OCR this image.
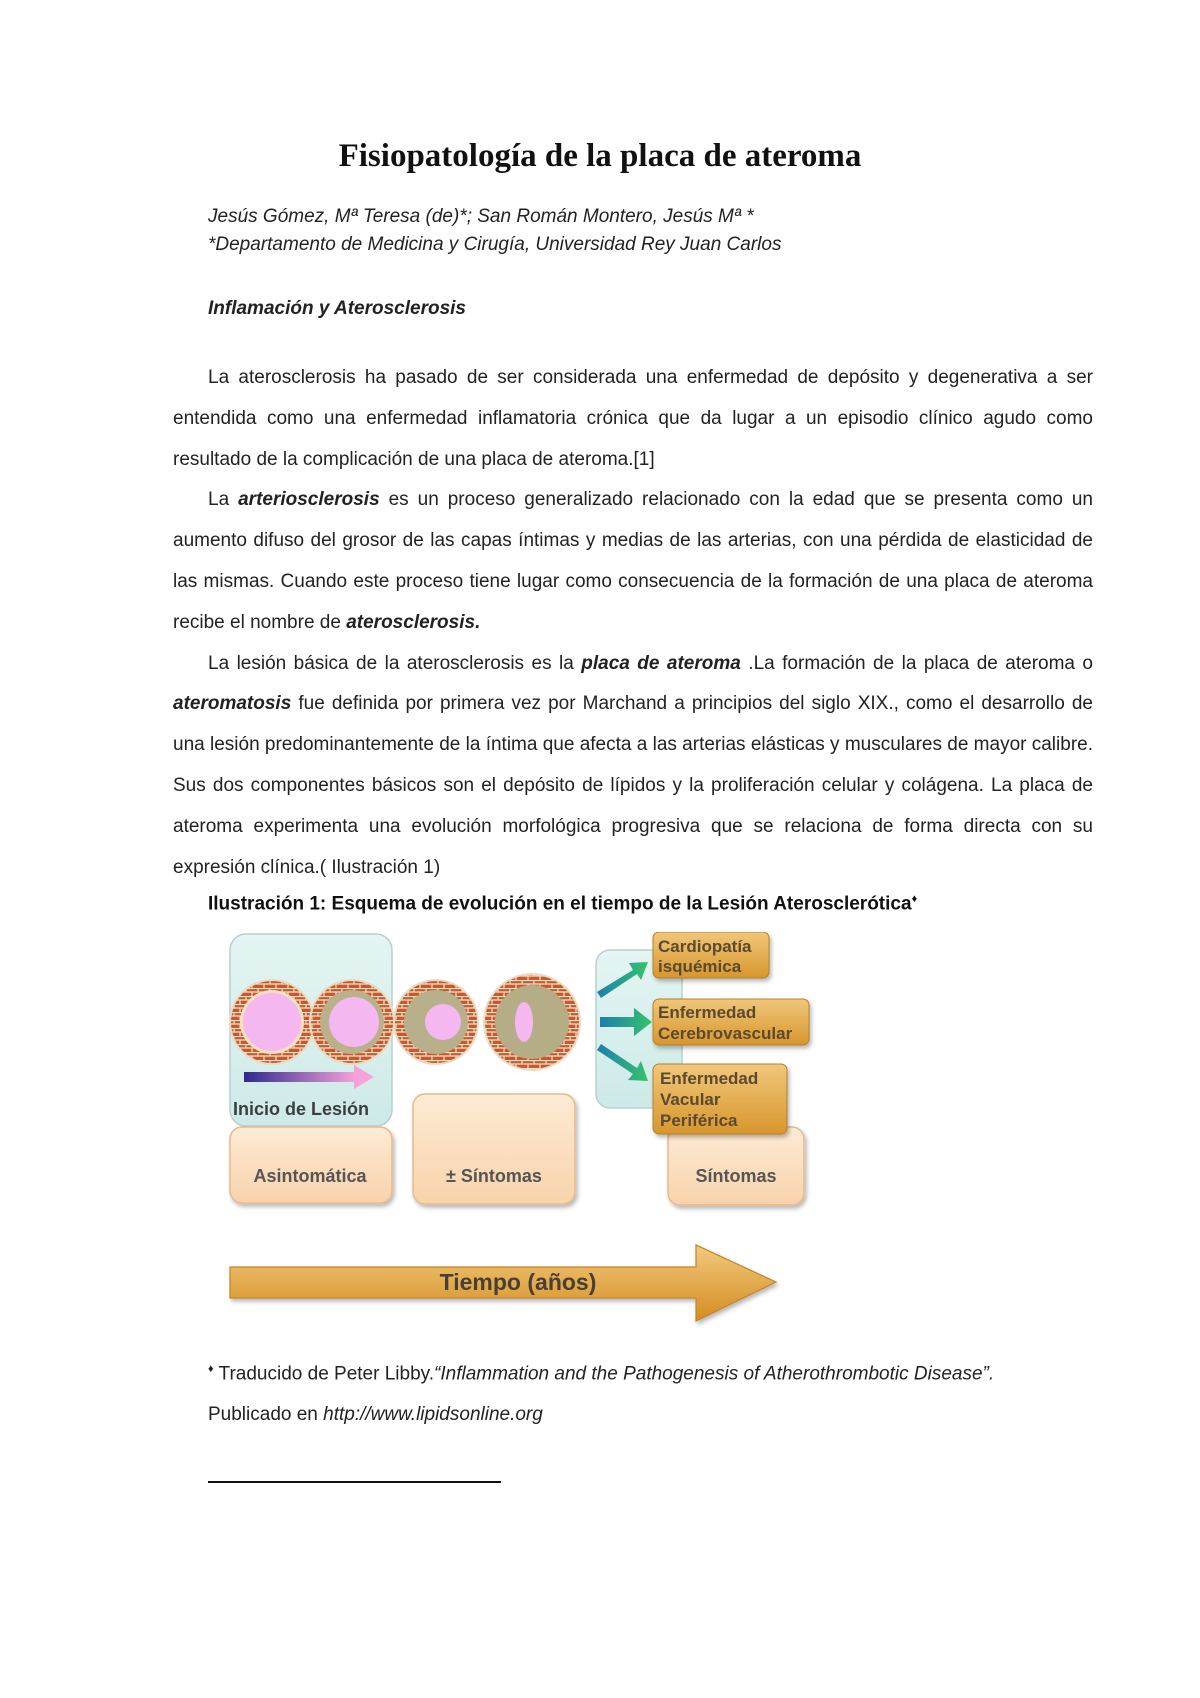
Fisiopatología de la placa de ateroma
Jesús Gómez, Mª Teresa (de)*; San Román Montero, Jesús Mª *
*Departamento de Medicina y Cirugía, Universidad Rey Juan Carlos
Inflamación y Aterosclerosis

La aterosclerosis ha pasado de ser considerada una enfermedad de depósito y degenerativa a ser entendida como una enfermedad inflamatoria crónica que da lugar a un episodio clínico agudo como resultado de la complicación de una placa de ateroma.[1]

La arteriosclerosis es un proceso generalizado relacionado con la edad que se presenta como un aumento difuso del grosor de las capas íntimas y medias de las arterias, con una pérdida de elasticidad de las mismas. Cuando este proceso tiene lugar como consecuencia de la formación de una placa de ateroma recibe el nombre de aterosclerosis.

La lesión básica de la aterosclerosis es la placa de ateroma .La formación de la placa de ateroma o ateromatosis fue definida por primera vez por Marchand a principios del siglo XIX., como el desarrollo de una lesión predominantemente de la íntima que afecta a las arterias elásticas y musculares de mayor calibre. Sus dos componentes básicos son el depósito de lípidos y la proliferación celular y colágena. La placa de ateroma experimenta una evolución morfológica progresiva que se relaciona de forma directa con su expresión clínica.( Ilustración 1)

Ilustración 1: Esquema de evolución en el tiempo de la Lesión Aterosclerótica♦
Inicio de Lesión
Asintomática	± Síntomas	Síntomas
Cardiopatía
isquémica
Enfermedad
Cerebrovascular
Enfermedad
Vacular
Periférica
Tiempo (años)
♦ Traducido de Peter Libby.“Inflammation and the Pathogenesis of Atherothrombotic Disease”.
Publicado en http://www.lipidsonline.org
